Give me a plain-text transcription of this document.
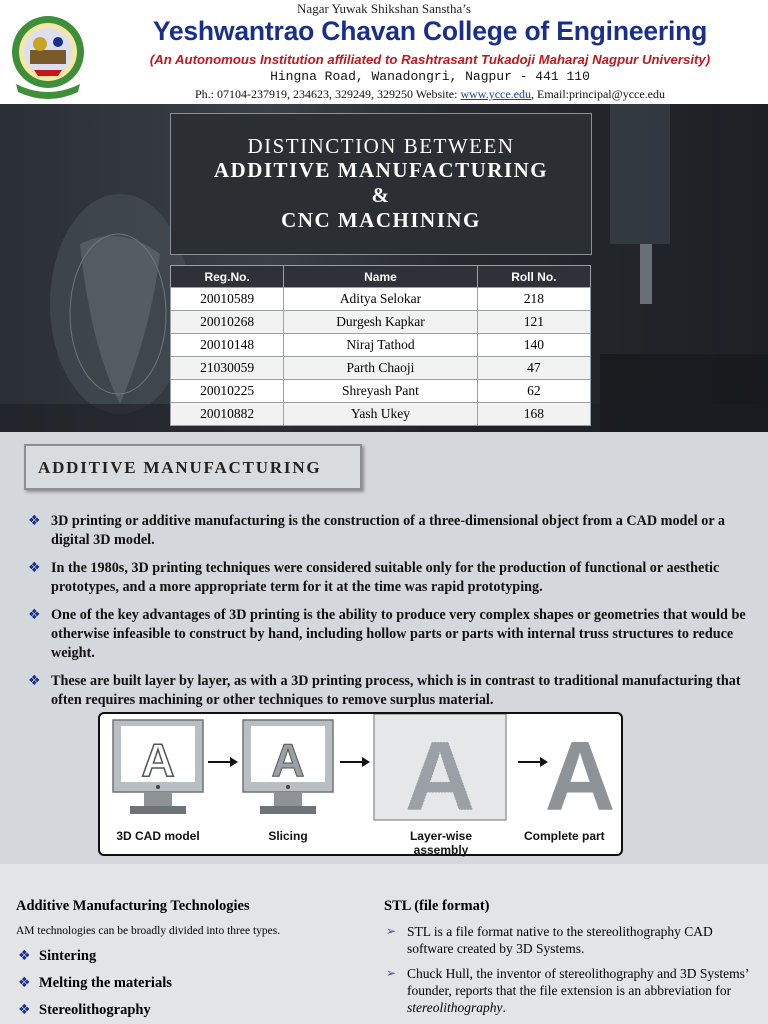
Nagar Yuwak Shikshan Sanstha’s
Yeshwantrao Chavan College of Engineering
(An Autonomous Institution affiliated to Rashtrasant Tukadoji Maharaj Nagpur University)
Hingna Road, Wanadongri, Nagpur - 441 110
Ph.: 07104-237919, 234623, 329249, 329250 Website: www.ycce.edu, Email:principal@ycce.edu
DISTINCTION BETWEEN
ADDITIVE MANUFACTURING
&
CNC MACHINING
Reg.No.	Name	Roll No.
20010589	Aditya Selokar	218
20010268	Durgesh Kapkar	121
20010148	Niraj Tathod	140
21030059	Parth Chaoji	47
20010225	Shreyash Pant	62
20010882	Yash Ukey	168
ADDITIVE MANUFACTURING
❖ 3D printing or additive manufacturing is the construction of a three-dimensional object from a CAD model or a digital 3D model.
❖ In the 1980s, 3D printing techniques were considered suitable only for the production of functional or aesthetic prototypes, and a more appropriate term for it at the time was rapid prototyping.
❖ One of the key advantages of 3D printing is the ability to produce very complex shapes or geometries that would be otherwise infeasible to construct by hand, including hollow parts or parts with internal truss structures to reduce weight.
❖ These are built layer by layer, as with a 3D printing process, which is in contrast to traditional manufacturing that often requires machining or other techniques to remove surplus material.
A A A A
3D CAD model	Slicing	Layer-wise assembly
Complete part
Additive Manufacturing Technologies
AM technologies can be broadly divided into three types.
❖ Sintering
❖ Melting the materials
❖ Stereolithography
STL (file format)
➢ STL is a file format native to the stereolithography CAD software created by 3D Systems.
➢ Chuck Hull, the inventor of stereolithography and 3D Systems’ founder, reports that the file extension is an abbreviation for stereolithography.
